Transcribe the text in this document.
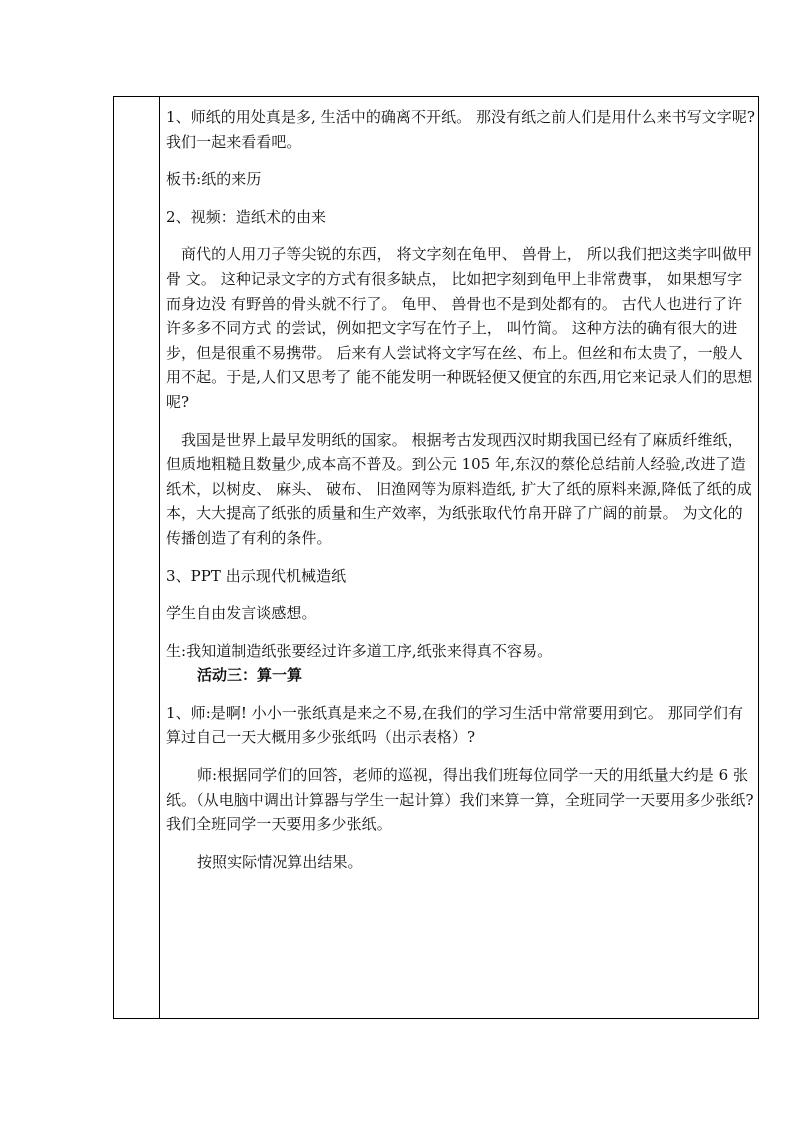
1、师纸的用处真是多, 生活中的确离不开纸。 那没有纸之前人们是用什么来书写文字呢? 我们一起来看看吧。

板书:纸的来历

2、视频：造纸术的由来

商代的人用刀子等尖锐的东西， 将文字刻在龟甲、 兽骨上， 所以我们把这类字叫做甲骨 文。 这种记录文字的方式有很多缺点， 比如把字刻到龟甲上非常费事， 如果想写字而身边没 有野兽的骨头就不行了。 龟甲、 兽骨也不是到处都有的。 古代人也进行了许许多多不同方式 的尝试，例如把文字写在竹子上， 叫竹简。 这种方法的确有很大的进步，但是很重不易携带。 后来有人尝试将文字写在丝、布上。但丝和布太贵了，一般人用不起。于是,人们又思考了 能不能发明一种既轻便又便宜的东西,用它来记录人们的思想呢?

我国是世界上最早发明纸的国家。 根据考古发现西汉时期我国已经有了麻质纤维纸， 但质地粗糙且数量少,成本高不普及。到公元 105 年,东汉的蔡伦总结前人经验,改进了造纸术，以树皮、 麻头、 破布、 旧渔网等为原料造纸, 扩大了纸的原料来源,降低了纸的成本，大大提高了纸张的质量和生产效率，为纸张取代竹帛开辟了广阔的前景。 为文化的传播创造了有利的条件。

3、PPT 出示现代机械造纸

学生自由发言谈感想。

生:我知道制造纸张要经过许多道工序,纸张来得真不容易。

活动三：算一算

1、师:是啊! 小小一张纸真是来之不易,在我们的学习生活中常常要用到它。 那同学们有算过自己一天大概用多少张纸吗（出示表格）?

师:根据同学们的回答，老师的巡视，得出我们班每位同学一天的用纸量大约是 6 张纸。（从电脑中调出计算器与学生一起计算）我们来算一算，全班同学一天要用多少张纸?我们全班同学一天要用多少张纸。

按照实际情况算出结果。
